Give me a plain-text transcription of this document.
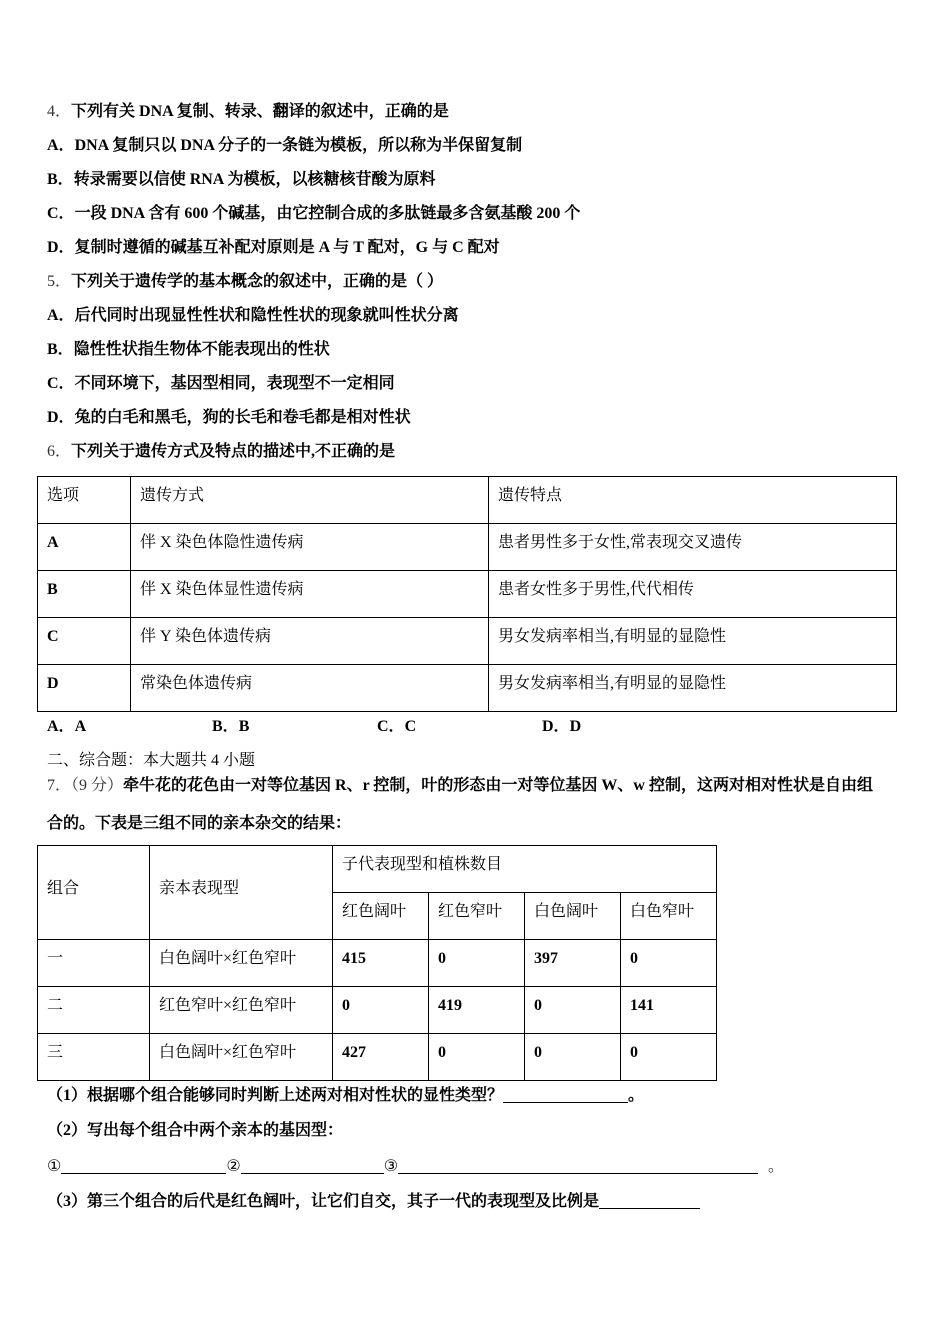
4．下列有关 DNA 复制、转录、翻译的叙述中，正确的是
A．DNA 复制只以 DNA 分子的一条链为模板，所以称为半保留复制
B．转录需要以信使 RNA 为模板，以核糖核苷酸为原料
C．一段 DNA 含有 600 个碱基，由它控制合成的多肽链最多含氨基酸 200 个
D．复制时遵循的碱基互补配对原则是 A 与 T 配对，G 与 C 配对
5．下列关于遗传学的基本概念的叙述中，正确的是（ ）
A．后代同时出现显性性状和隐性性状的现象就叫性状分离
B．隐性性状指生物体不能表现出的性状
C．不同环境下，基因型相同，表现型不一定相同
D．兔的白毛和黑毛，狗的长毛和卷毛都是相对性状
6．下列关于遗传方式及特点的描述中,不正确的是
选项	遗传方式	遗传特点
A	伴 X 染色体隐性遗传病	患者男性多于女性,常表现交叉遗传
B	伴 X 染色体显性遗传病	患者女性多于男性,代代相传
C	伴 Y 染色体遗传病	男女发病率相当,有明显的显隐性
D	常染色体遗传病	男女发病率相当,有明显的显隐性
A．A	B．B	C．C	D．D
二、综合题：本大题共 4 小题
7．（9 分）牵牛花的花色由一对等位基因 R、r 控制，叶的形态由一对等位基因 W、w 控制，这两对相对性状是自由组
合的。下表是三组不同的亲本杂交的结果：
组合	亲本表现型	子代表现型和植株数目			
		红色阔叶	红色窄叶	白色阔叶	白色窄叶
一	白色阔叶×红色窄叶	415	0	397	0
二	红色窄叶×红色窄叶	0	419	0	141
三	白色阔叶×红色窄叶	427	0	0	0
（1）根据哪个组合能够同时判断上述两对相对性状的显性类型？	。
（2）写出每个组合中两个亲本的基因型：
①	②	③	。
（3）第三个组合的后代是红色阔叶，让它们自交，其子一代的表现型及比例是
